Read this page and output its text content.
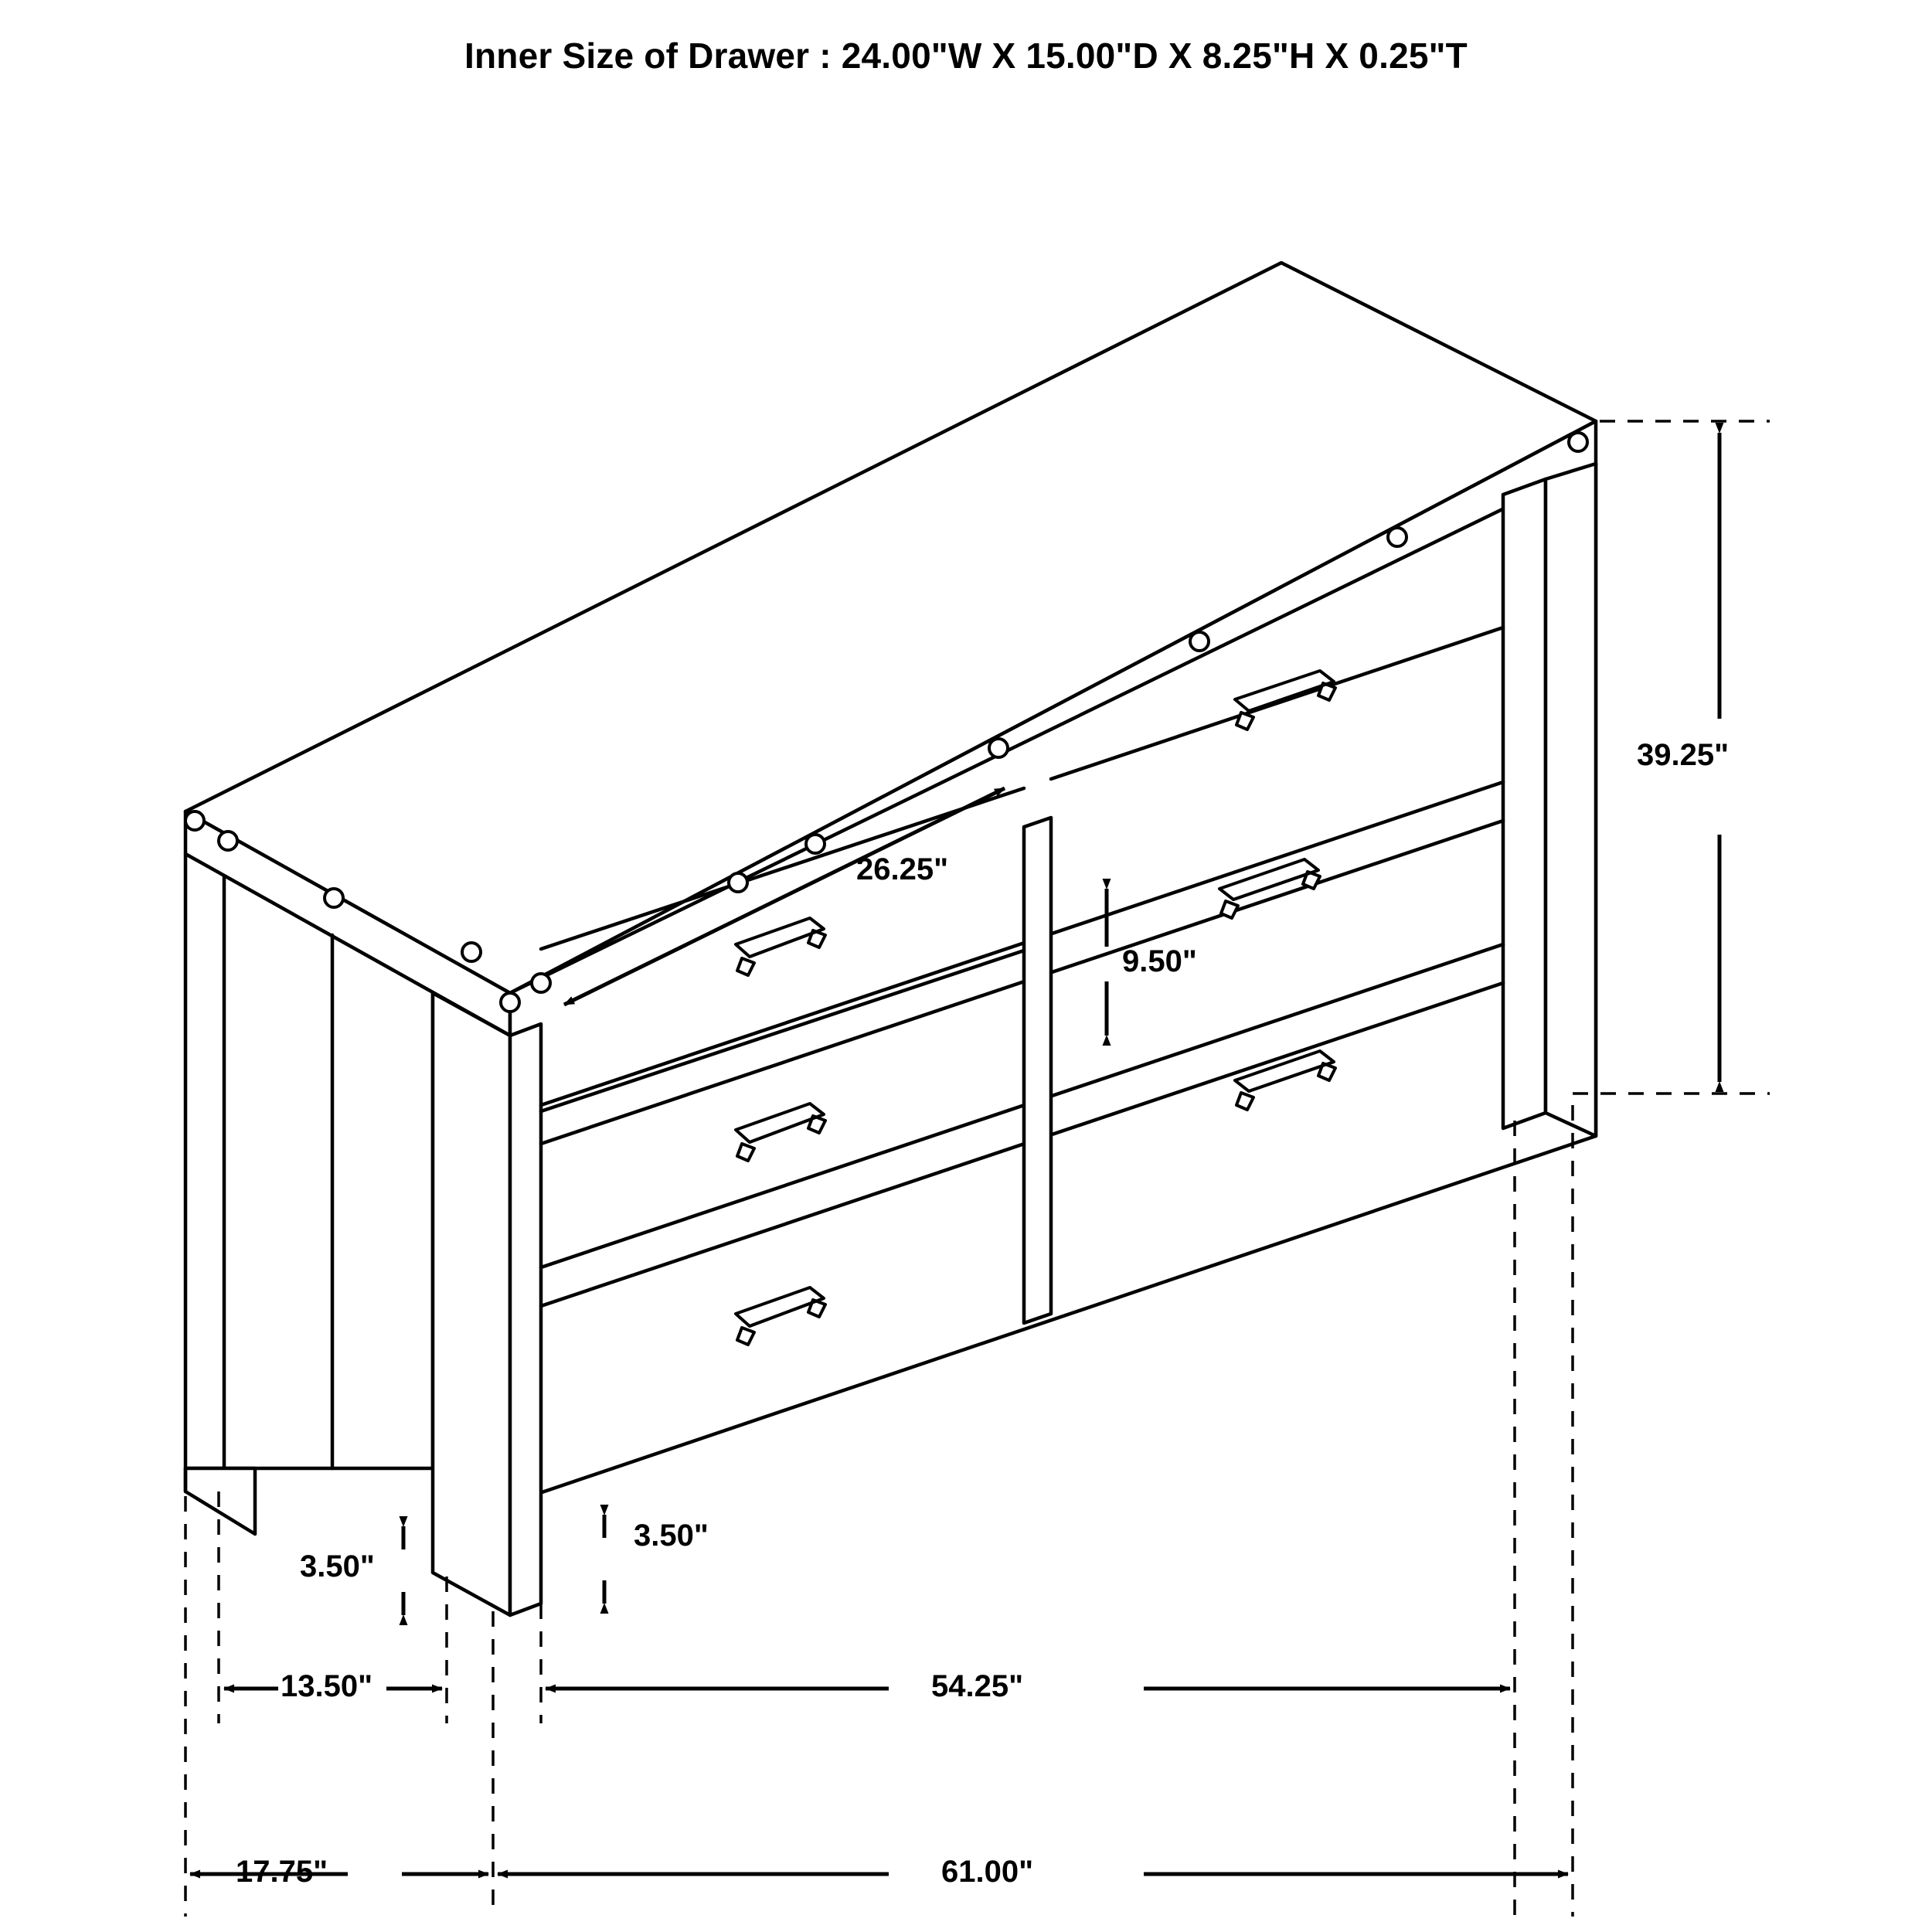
Inner Size of Drawer : 24.00"W X 15.00"D X 8.25"H X 0.25"T
39.25"
26.25"
9.50"
3.50"
3.50"
13.50"	54.25"
17.75"	61.00"
